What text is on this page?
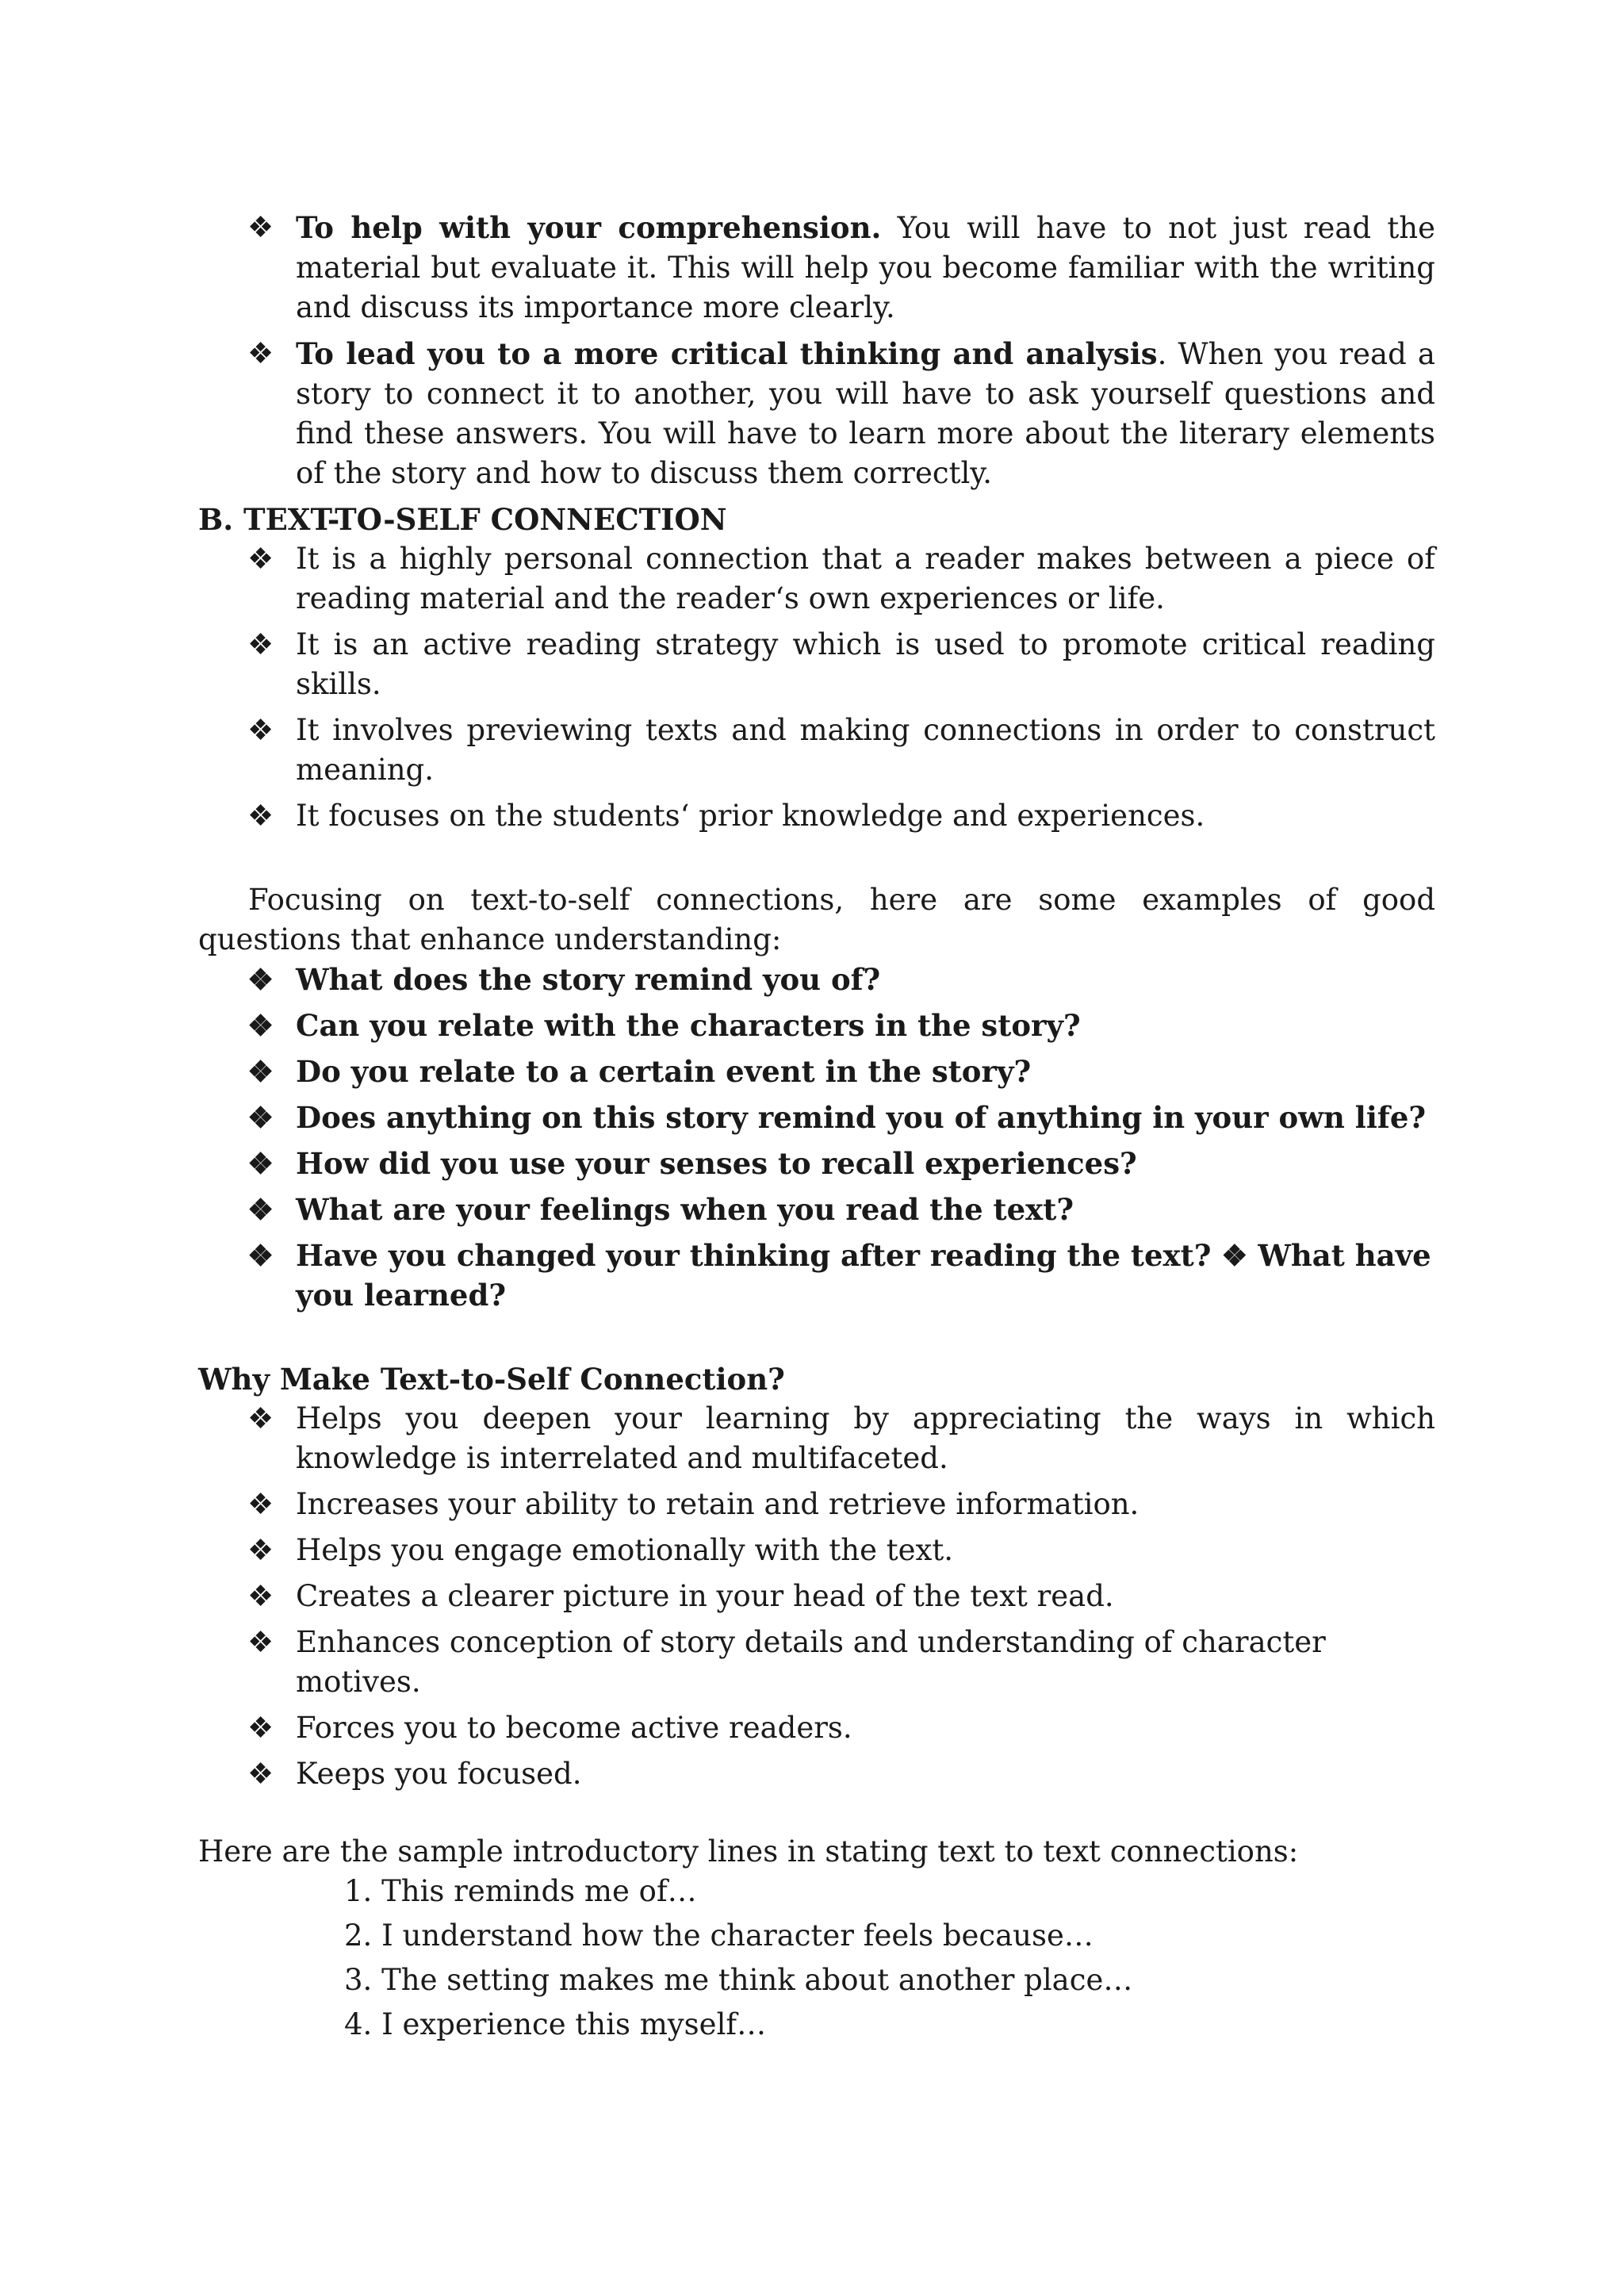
❖ To help with your comprehension. You will have to not just read the material but evaluate it. This will help you become familiar with the writing and discuss its importance more clearly.
❖ To lead you to a more critical thinking and analysis. When you read a story to connect it to another, you will have to ask yourself questions and find these answers. You will have to learn more about the literary elements of the story and how to discuss them correctly.

B. TEXT-TO-SELF CONNECTION

❖ It is a highly personal connection that a reader makes between a piece of reading material and the reader‘s own experiences or life.
❖ It is an active reading strategy which is used to promote critical reading skills.
❖ It involves previewing texts and making connections in order to construct meaning.
❖ It focuses on the students‘ prior knowledge and experiences.

Focusing on text-to-self connections, here are some examples of good questions that enhance understanding:

❖ What does the story remind you of?
❖ Can you relate with the characters in the story?
❖ Do you relate to a certain event in the story?
❖ Does anything on this story remind you of anything in your own life?
❖ How did you use your senses to recall experiences?
❖ What are your feelings when you read the text?
❖ Have you changed your thinking after reading the text? ❖ What have you learned?

Why Make Text-to-Self Connection?

❖ Helps you deepen your learning by appreciating the ways in which knowledge is interrelated and multifaceted.
❖ Increases your ability to retain and retrieve information.
❖ Helps you engage emotionally with the text.
❖ Creates a clearer picture in your head of the text read.
❖ Enhances conception of story details and understanding of character motives.
❖ Forces you to become active readers.
❖ Keeps you focused.

Here are the sample introductory lines in stating text to text connections:

1. This reminds me of…
2. I understand how the character feels because…
3. The setting makes me think about another place…
4. I experience this myself…
